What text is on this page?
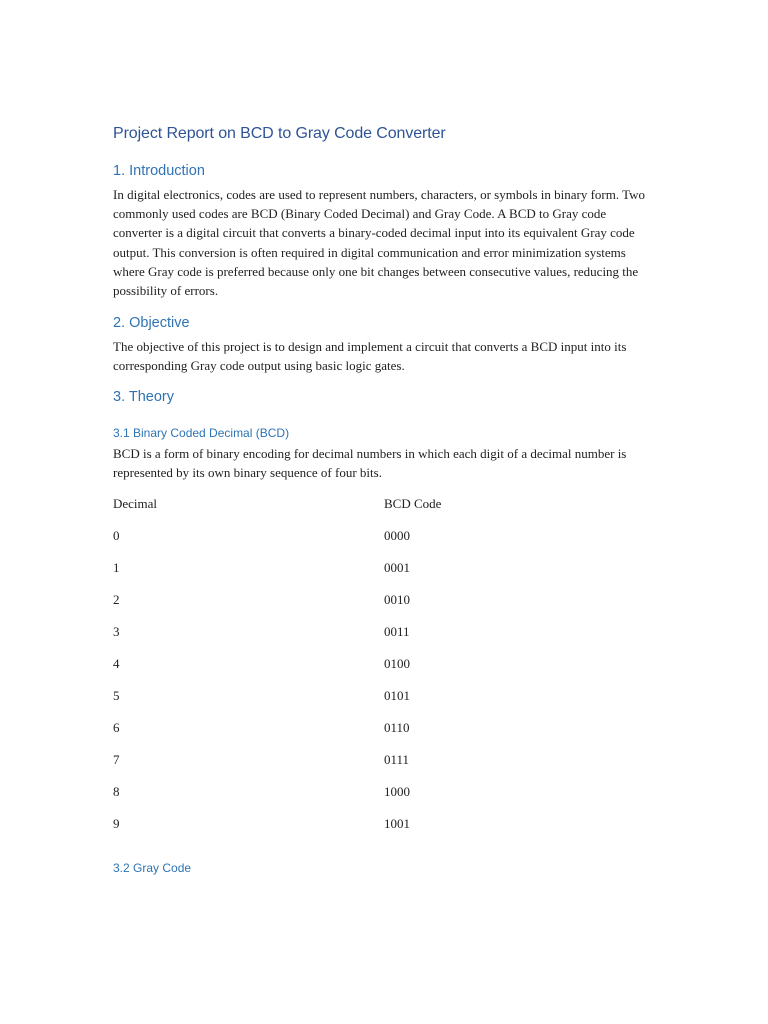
Project Report on BCD to Gray Code Converter
1. Introduction

In digital electronics, codes are used to represent numbers, characters, or symbols in binary form. Two commonly used codes are BCD (Binary Coded Decimal) and Gray Code. A BCD to Gray code converter is a digital circuit that converts a binary-coded decimal input into its equivalent Gray code output. This conversion is often required in digital communication and error minimization systems where Gray code is preferred because only one bit changes between consecutive values, reducing the possibility of errors.

2. Objective

The objective of this project is to design and implement a circuit that converts a BCD input into its corresponding Gray code output using basic logic gates.

3. Theory
3.1 Binary Coded Decimal (BCD)

BCD is a form of binary encoding for decimal numbers in which each digit of a decimal number is represented by its own binary sequence of four bits.

Decimal	BCD Code
0	0000
1	0001
2	0010
3	0011
4	0100
5	0101
6	0110
7	0111
8	1000
9	1001
3.2 Gray Code
